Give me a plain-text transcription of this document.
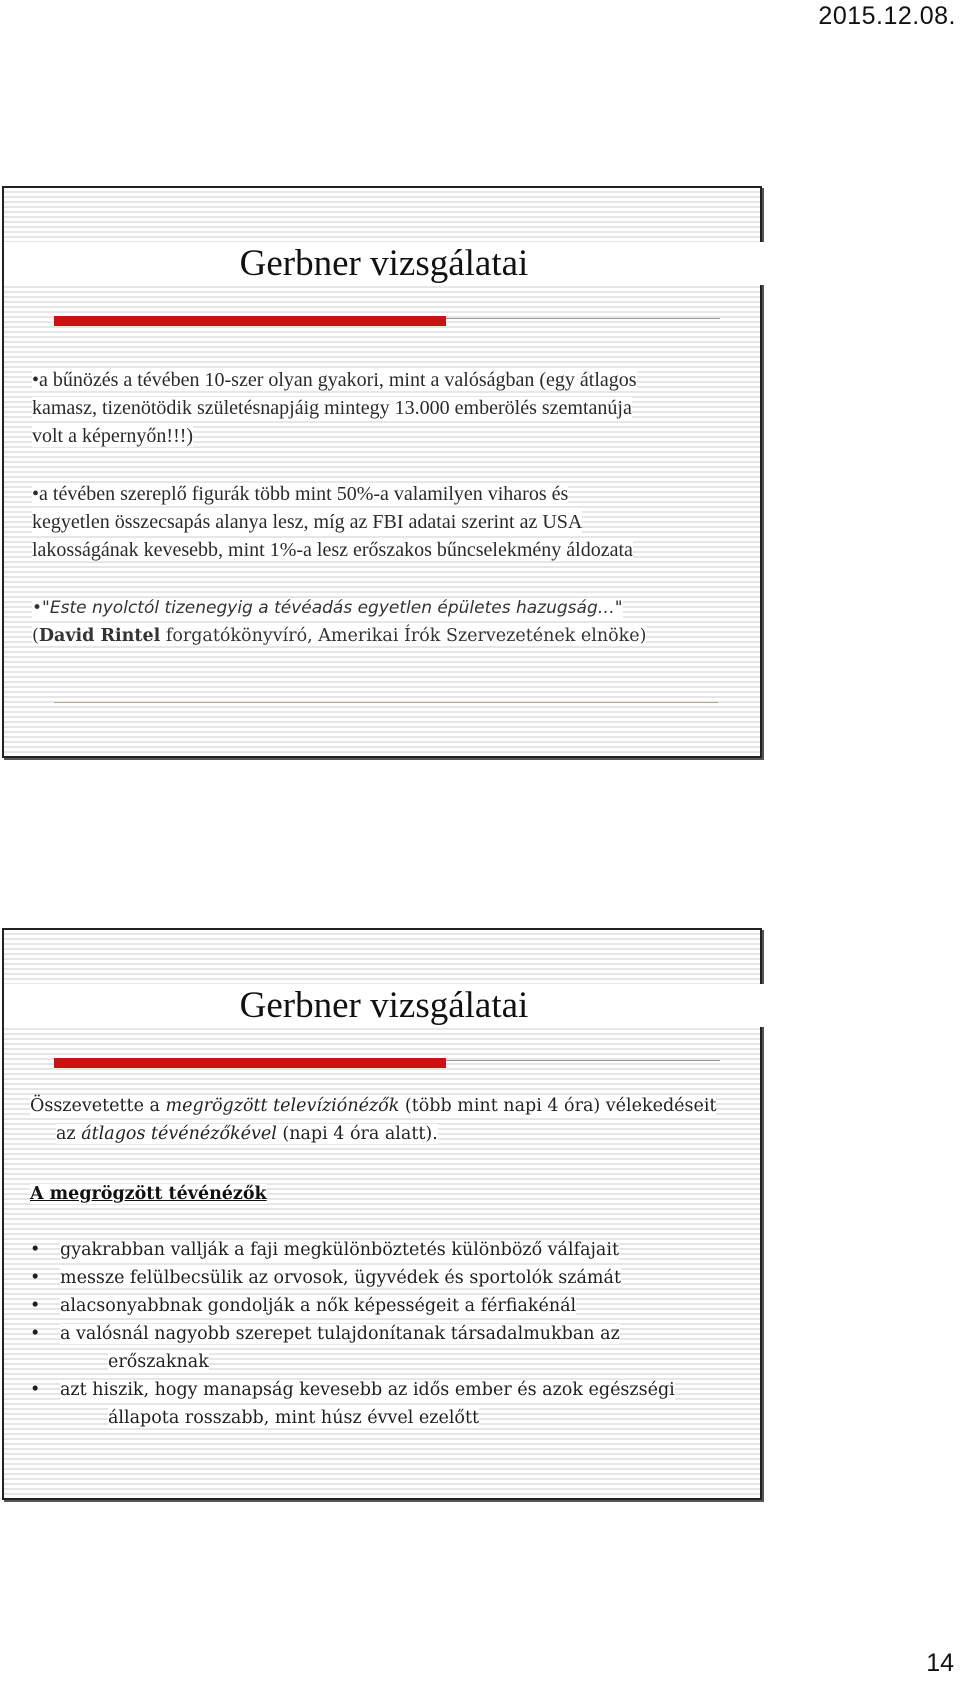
2015.12.08.
Gerbner vizsgálatai
•a bűnözés a tévében 10-szer olyan gyakori, mint a valóságban (egy átlagos
kamasz, tizenötödik születésnapjáig mintegy 13.000 emberölés szemtanúja
volt a képernyőn!!!)
•a tévében szereplő figurák több mint 50%-a valamilyen viharos és
kegyetlen összecsapás alanya lesz, míg az FBI adatai szerint az USA
lakosságának kevesebb, mint 1%-a lesz erőszakos bűncselekmény áldozata
•"Este nyolctól tizenegyig a tévéadás egyetlen épületes hazugság…"
(David Rintel forgatókönyvíró, Amerikai Írók Szervezetének elnöke)
Gerbner vizsgálatai
Összevetette a megrögzött televíziónézők (több mint napi 4 óra) vélekedéseit
az átlagos tévénézőkével (napi 4 óra alatt).
A megrögzött tévénézők
• gyakrabban vallják a faji megkülönböztetés különböző válfajait
• messze felülbecsülik az orvosok, ügyvédek és sportolók számát
• alacsonyabbnak gondolják a nők képességeit a férfiakénál
• a valósnál nagyobb szerepet tulajdonítanak társadalmukban az
erőszaknak
• azt hiszik, hogy manapság kevesebb az idős ember és azok egészségi
állapota rosszabb, mint húsz évvel ezelőtt
14
